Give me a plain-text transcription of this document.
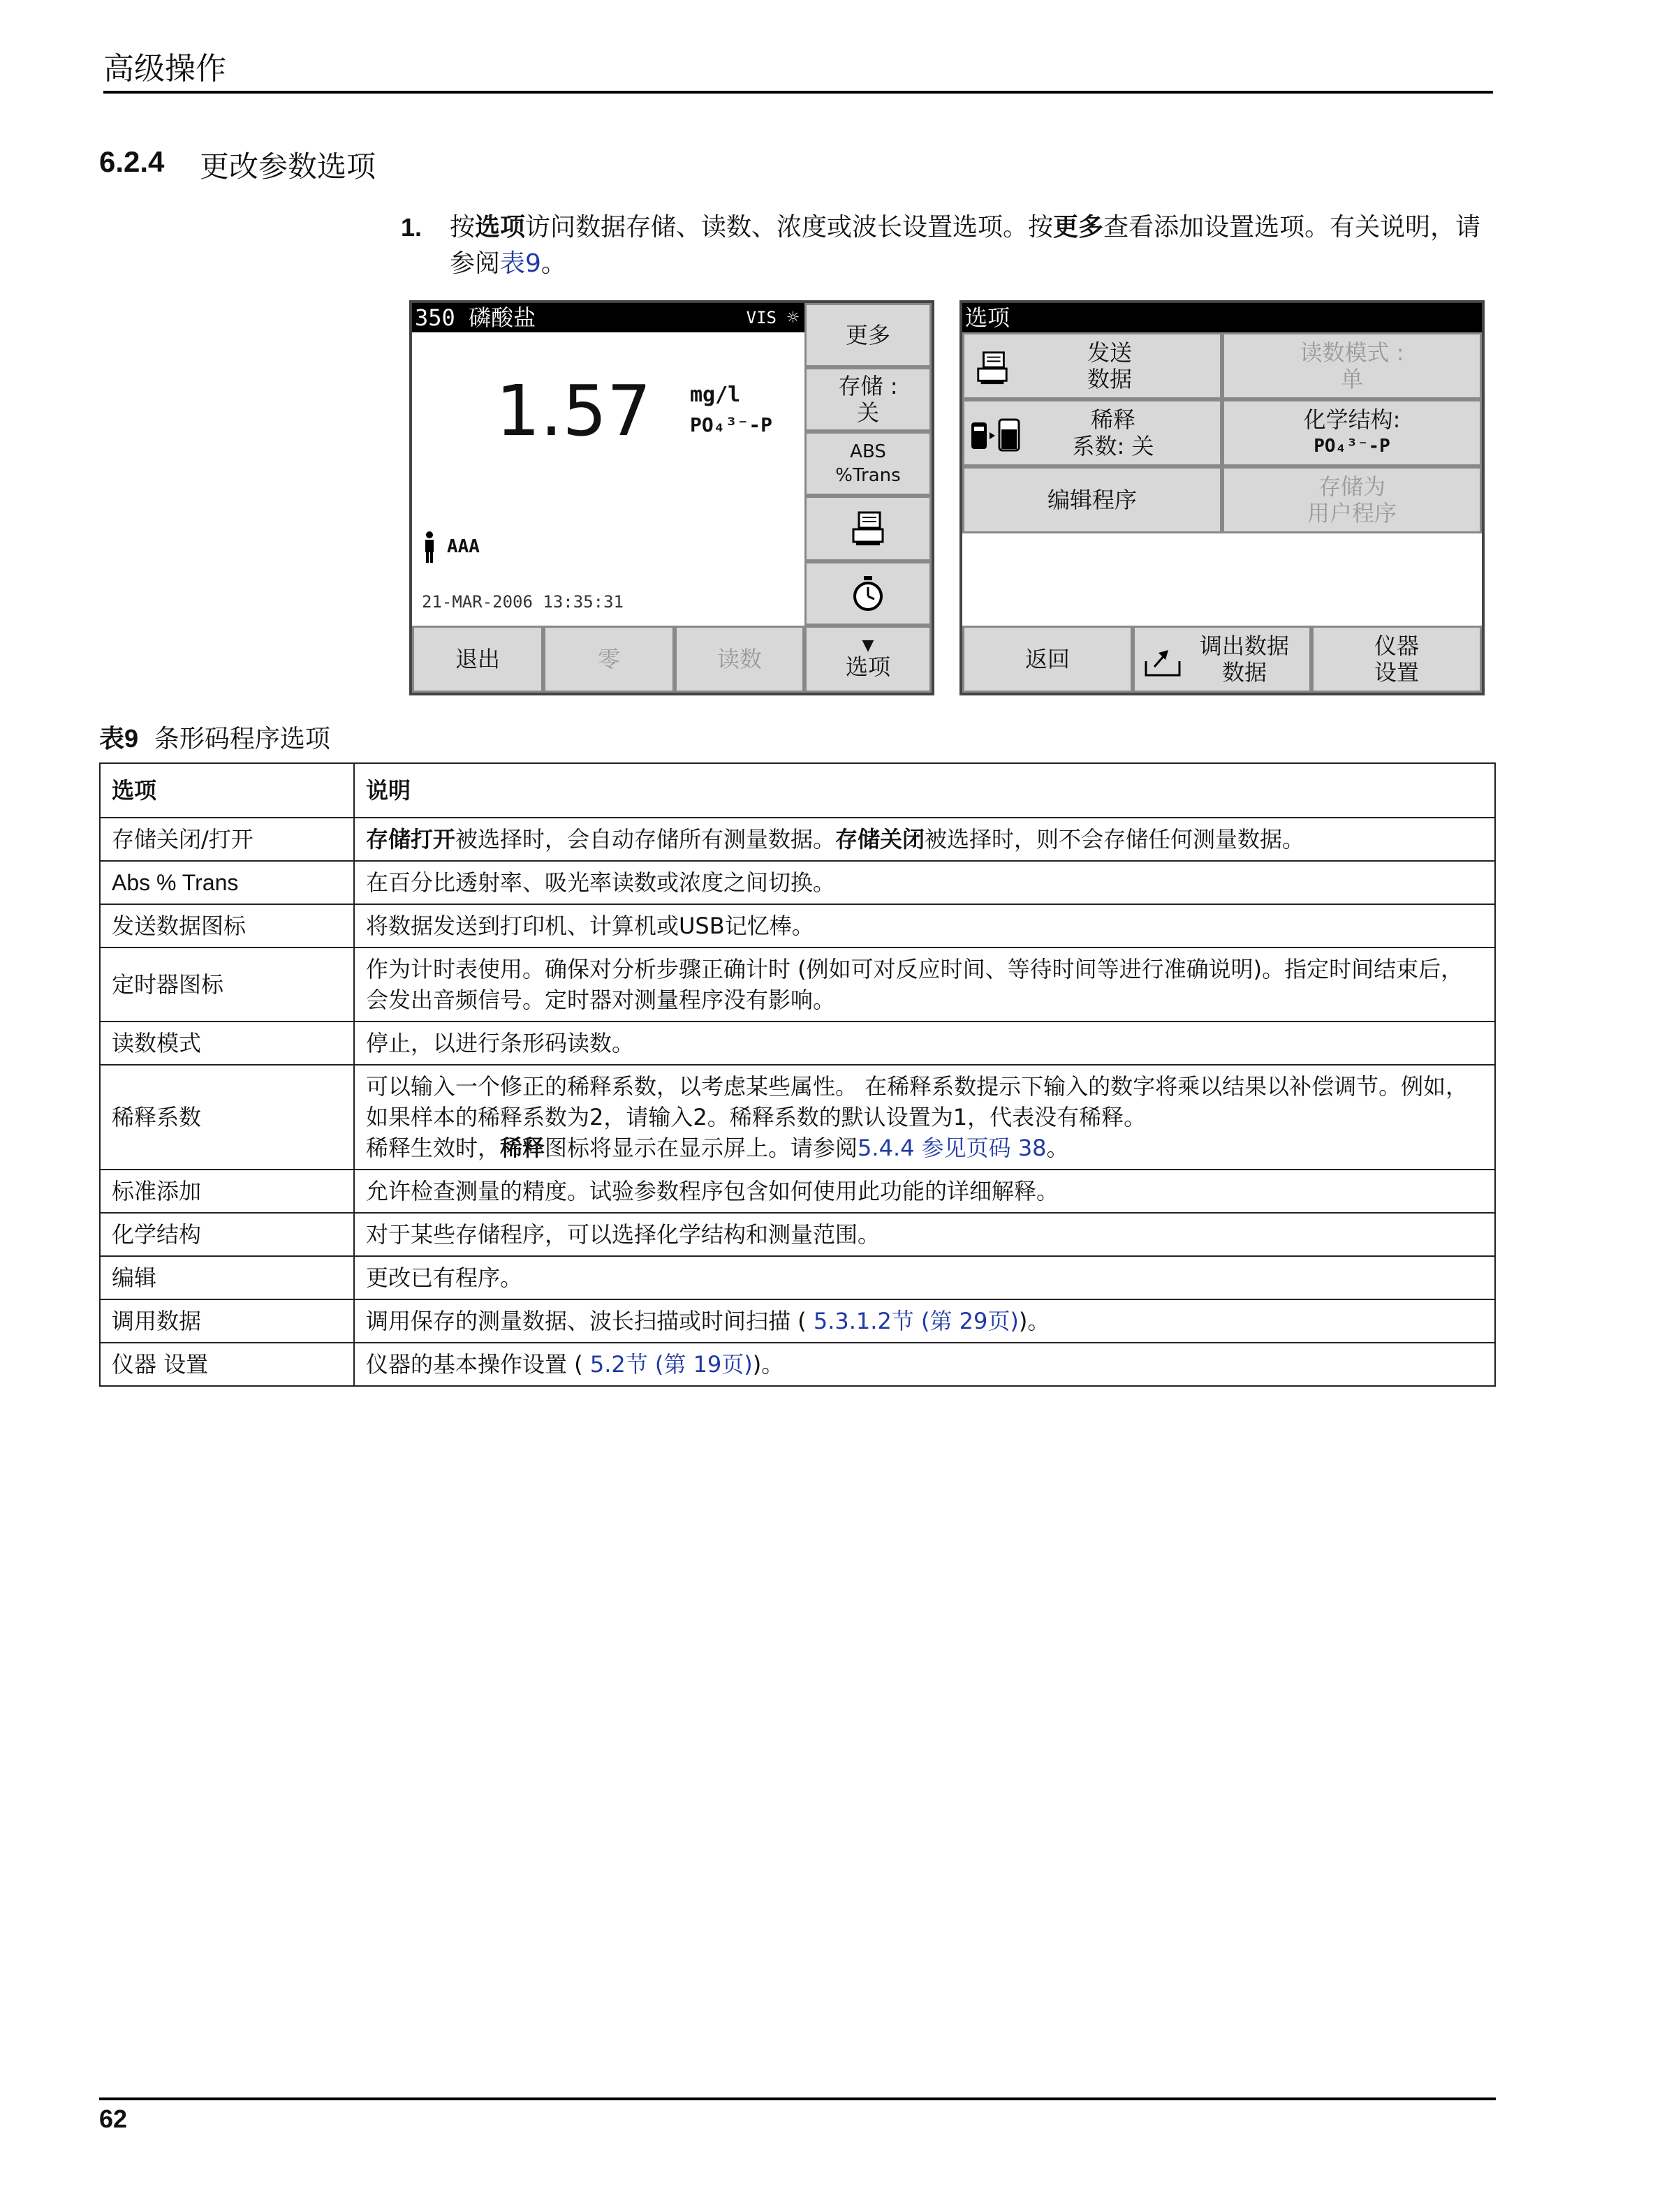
高级操作
6.2.4 更改参数选项
1. 按选项访问数据存储、读数、浓度或波长设置选项。按更多查看添加设置选项。有关说明，请参阅表9。
350 磷酸盐	VIS ☼
1.57 mg/l
PO₄³⁻-P
AAA
21-MAR-2006 13:35:31
更多
存储 :
关
ABS
%Trans
退出	零	读数
▼
选项
选项
发送
数据
读数模式 :
单
稀释
系数: 关
化学结构:
PO₄³⁻-P
编辑程序	存储为
用户程序
返回	调出数据
数据
仪器
设置
表9 条形码程序选项
选项	说明
存储关闭/打开	存储打开被选择时，会自动存储所有测量数据。存储关闭被选择时，则不会存储任何测量数据。
Abs % Trans	在百分比透射率、吸光率读数或浓度之间切换。
发送数据图标	将数据发送到打印机、计算机或USB记忆棒。
定时器图标	作为计时表使用。确保对分析步骤正确计时 (例如可对反应时间、等待时间等进行准确说明)。指定时间结束后，会发出音频信号。定时器对测量程序没有影响。
读数模式	停止，以进行条形码读数。
稀释系数	可以输入一个修正的稀释系数，以考虑某些属性。 在稀释系数提示下输入的数字将乘以结果以补偿调节。例如，如果样本的稀释系数为2，请输入2。稀释系数的默认设置为1，代表没有稀释。
稀释生效时，稀释图标将显示在显示屏上。请参阅5.4.4 参见页码 38。

标准添加	允许检查测量的精度。试验参数程序包含如何使用此功能的详细解释。
化学结构	对于某些存储程序，可以选择化学结构和测量范围。
编辑	更改已有程序。
调用数据	调用保存的测量数据、波长扫描或时间扫描 ( 5.3.1.2节 (第 29页))。
仪器 设置	仪器的基本操作设置 ( 5.2节 (第 19页))。
62
